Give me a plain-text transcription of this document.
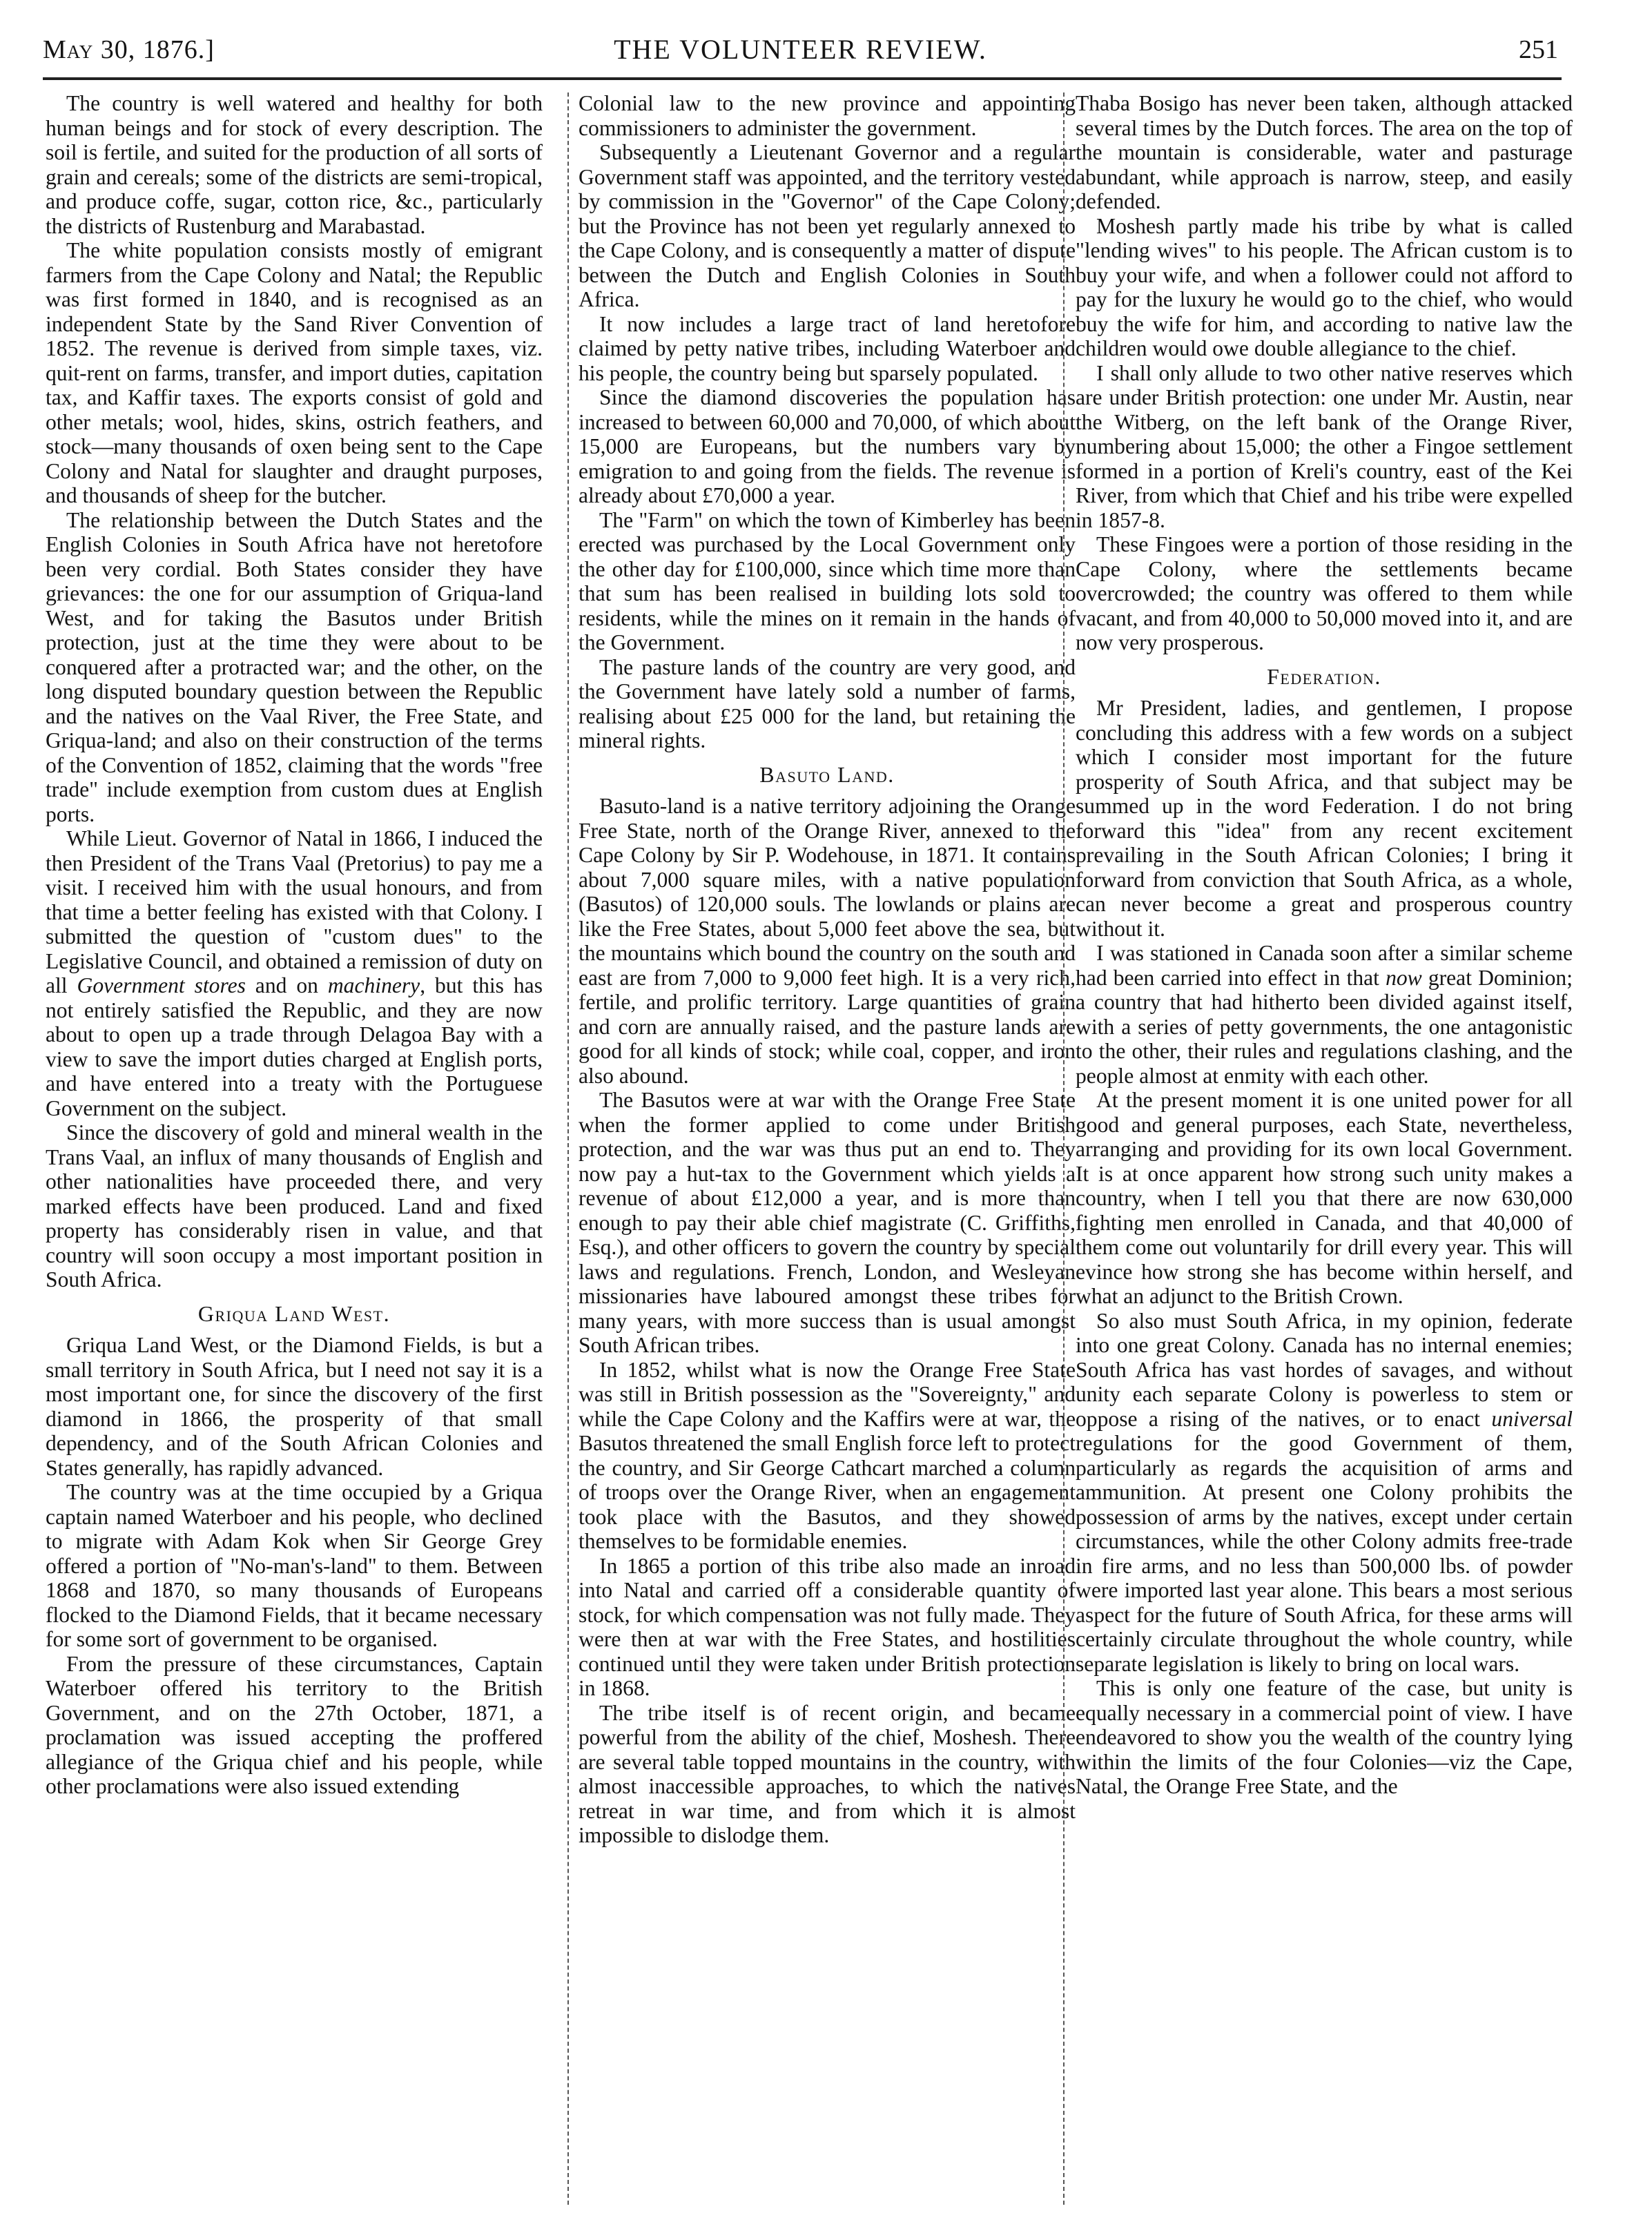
May 30, 1876.]	THE VOLUNTEER REVIEW.	251

The country is well watered and healthy for both human beings and for stock of every description. The soil is fertile, and suited for the production of all sorts of grain and cereals; some of the districts are semi-tropical, and produce coffe, sugar, cotton rice, &c., particularly the districts of Rustenburg and Marabastad.

The white population consists mostly of emigrant farmers from the Cape Colony and Natal; the Republic was first formed in 1840, and is recognised as an independent State by the Sand River Convention of 1852. The revenue is derived from simple taxes, viz. quit-rent on farms, transfer, and import duties, capitation tax, and Kaffir taxes. The exports consist of gold and other metals; wool, hides, skins, ostrich feathers, and stock—many thousands of oxen being sent to the Cape Colony and Natal for slaughter and draught purposes, and thousands of sheep for the butcher.

The relationship between the Dutch States and the English Colonies in South Africa have not heretofore been very cordial. Both States consider they have grievances: the one for our assumption of Griqua-land West, and for taking the Basutos under British protection, just at the time they were about to be conquered after a protracted war; and the other, on the long disputed boundary question between the Republic and the natives on the Vaal River, the Free State, and Griqua-land; and also on their construction of the terms of the Convention of 1852, claiming that the words "free trade" include exemption from custom dues at English ports.

While Lieut. Governor of Natal in 1866, I induced the then President of the Trans Vaal (Pretorius) to pay me a visit. I received him with the usual honours, and from that time a better feeling has existed with that Colony. I submitted the question of "custom dues" to the Legislative Council, and obtained a remission of duty on all Government stores and on machinery, but this has not entirely satisfied the Republic, and they are now about to open up a trade through Delagoa Bay with a view to save the import duties charged at English ports, and have entered into a treaty with the Portuguese Government on the subject.

Since the discovery of gold and mineral wealth in the Trans Vaal, an influx of many thousands of English and other nationalities have proceeded there, and very marked effects have been produced. Land and fixed property has considerably risen in value, and that country will soon occupy a most important position in South Africa.

Griqua Land West.

Griqua Land West, or the Diamond Fields, is but a small territory in South Africa, but I need not say it is a most important one, for since the discovery of the first diamond in 1866, the prosperity of that small dependency, and of the South African Colonies and States generally, has rapidly advanced.

The country was at the time occupied by a Griqua captain named Waterboer and his people, who declined to migrate with Adam Kok when Sir George Grey offered a portion of "No-man's-land" to them. Between 1868 and 1870, so many thousands of Europeans flocked to the Diamond Fields, that it became necessary for some sort of government to be organised.

From the pressure of these circumstances, Captain Waterboer offered his territory to the British Government, and on the 27th October, 1871, a proclamation was issued accepting the proffered allegiance of the Griqua chief and his people, while other proclamations were also issued extending

Colonial law to the new province and appointing commissioners to administer the government.

Subsequently a Lieutenant Governor and a regular Government staff was appointed, and the territory vested by commission in the "Governor" of the Cape Colony; but the Province has not been yet regularly annexed to the Cape Colony, and is consequently a matter of dispute between the Dutch and English Colonies in South Africa.

It now includes a large tract of land heretofore claimed by petty native tribes, including Waterboer and his people, the country being but sparsely populated.

Since the diamond discoveries the population has increased to between 60,000 and 70,000, of which about 15,000 are Europeans, but the numbers vary by emigration to and going from the fields. The revenue is already about £70,000 a year.

The "Farm" on which the town of Kimberley has been erected was purchased by the Local Government only the other day for £100,000, since which time more than that sum has been realised in building lots sold to residents, while the mines on it remain in the hands of the Government.

The pasture lands of the country are very good, and the Government have lately sold a number of farms, realising about £25 000 for the land, but retaining the mineral rights.

Basuto Land.

Basuto-land is a native territory adjoining the Orange Free State, north of the Orange River, annexed to the Cape Colony by Sir P. Wodehouse, in 1871. It contains about 7,000 square miles, with a native population (Basutos) of 120,000 souls. The lowlands or plains are like the Free States, about 5,000 feet above the sea, but the mountains which bound the country on the south and east are from 7,000 to 9,000 feet high. It is a very rich, fertile, and prolific territory. Large quantities of grain and corn are annually raised, and the pasture lands are good for all kinds of stock; while coal, copper, and iron also abound.

The Basutos were at war with the Orange Free State when the former applied to come under British protection, and the war was thus put an end to. They now pay a hut-tax to the Government which yields a revenue of about £12,000 a year, and is more than enough to pay their able chief magistrate (C. Griffiths, Esq.), and other officers to govern the country by special laws and regulations. French, London, and Wesleyan missionaries have laboured amongst these tribes for many years, with more success than is usual amongst South African tribes.

In 1852, whilst what is now the Orange Free State was still in British possession as the "Sovereignty," and while the Cape Colony and the Kaffirs were at war, the Basutos threatened the small English force left to protect the country, and Sir George Cathcart marched a column of troops over the Orange River, when an engagement took place with the Basutos, and they showed themselves to be formidable enemies.

In 1865 a portion of this tribe also made an inroad into Natal and carried off a considerable quantity of stock, for which compensation was not fully made. They were then at war with the Free States, and hostilities continued until they were taken under British protection in 1868.

The tribe itself is of recent origin, and became powerful from the ability of the chief, Moshesh. There are several table topped mountains in the country, with almost inaccessible approaches, to which the natives retreat in war time, and from which it is almost impossible to dislodge them.

Thaba Bosigo has never been taken, although attacked several times by the Dutch forces. The area on the top of the mountain is considerable, water and pasturage abundant, while approach is narrow, steep, and easily defended.

Moshesh partly made his tribe by what is called "lending wives" to his people. The African custom is to buy your wife, and when a follower could not afford to pay for the luxury he would go to the chief, who would buy the wife for him, and according to native law the children would owe double allegiance to the chief.

I shall only allude to two other native reserves which are under British protection: one under Mr. Austin, near the Witberg, on the left bank of the Orange River, numbering about 15,000; the other a Fingoe settlement formed in a portion of Kreli's country, east of the Kei River, from which that Chief and his tribe were expelled in 1857-8.

These Fingoes were a portion of those residing in the Cape Colony, where the settlements became overcrowded; the country was offered to them while vacant, and from 40,000 to 50,000 moved into it, and are now very prosperous.

Federation.

Mr President, ladies, and gentlemen, I propose concluding this address with a few words on a subject which I consider most important for the future prosperity of South Africa, and that subject may be summed up in the word Federation. I do not bring forward this "idea" from any recent excitement prevailing in the South African Colonies; I bring it forward from conviction that South Africa, as a whole, can never become a great and prosperous country without it.

I was stationed in Canada soon after a similar scheme had been carried into effect in that now great Dominion; a country that had hitherto been divided against itself, with a series of petty governments, the one antagonistic to the other, their rules and regulations clashing, and the people almost at enmity with each other.

At the present moment it is one united power for all good and general purposes, each State, nevertheless, arranging and providing for its own local Government. It is at once apparent how strong such unity makes a country, when I tell you that there are now 630,000 fighting men enrolled in Canada, and that 40,000 of them come out voluntarily for drill every year. This will evince how strong she has become within herself, and what an adjunct to the British Crown.

So also must South Africa, in my opinion, federate into one great Colony. Canada has no internal enemies; South Africa has vast hordes of savages, and without unity each separate Colony is powerless to stem or oppose a rising of the natives, or to enact universal regulations for the good Government of them, particularly as regards the acquisition of arms and ammunition. At present one Colony prohibits the possession of arms by the natives, except under certain circumstances, while the other Colony admits free-trade in fire arms, and no less than 500,000 lbs. of powder were imported last year alone. This bears a most serious aspect for the future of South Africa, for these arms will certainly circulate throughout the whole country, while separate legislation is likely to bring on local wars.

This is only one feature of the case, but unity is equally necessary in a commercial point of view. I have endeavored to show you the wealth of the country lying within the limits of the four Colonies—viz the Cape, Natal, the Orange Free State, and the
